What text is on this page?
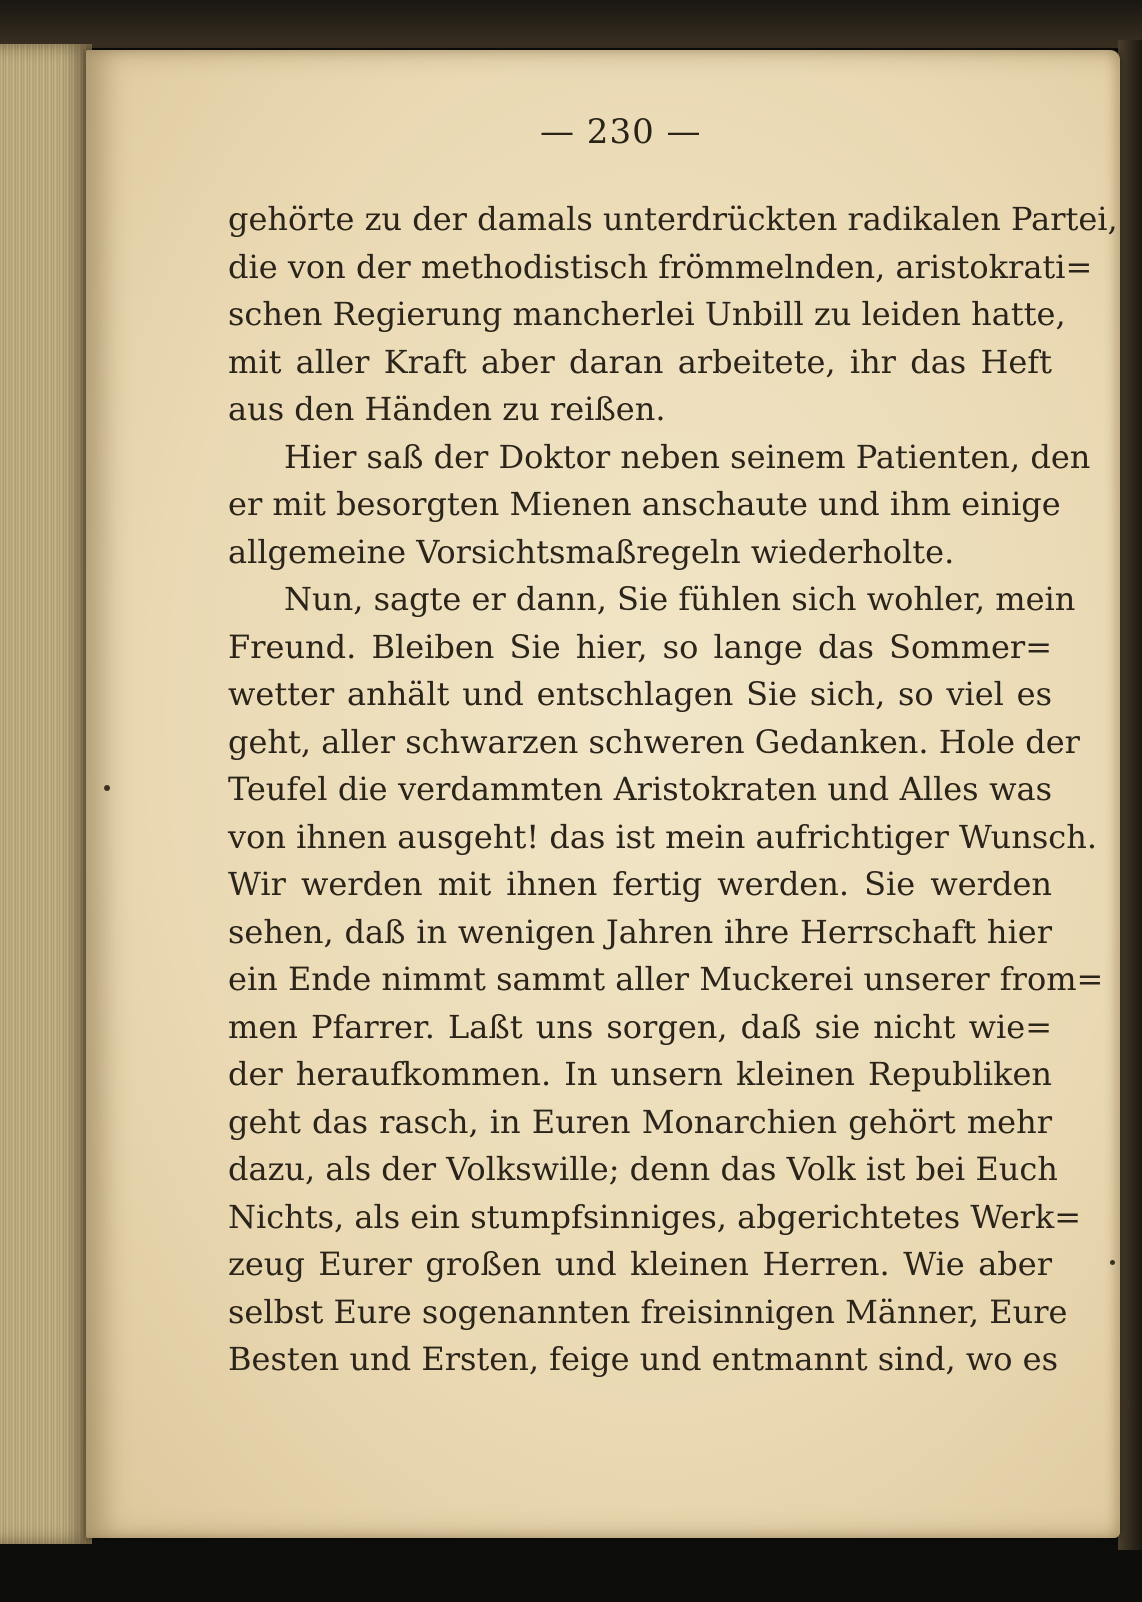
— 230 —
gehörte zu der damals unterdrückten radikalen Partei,
die von der methodistisch frömmelnden, aristokrati=
schen Regierung mancherlei Unbill zu leiden hatte,
mit aller Kraft aber daran arbeitete, ihr das Heft
aus den Händen zu reißen.
Hier saß der Doktor neben seinem Patienten, den
er mit besorgten Mienen anschaute und ihm einige
allgemeine Vorsichtsmaßregeln wiederholte.
Nun, sagte er dann, Sie fühlen sich wohler, mein
Freund. Bleiben Sie hier, so lange das Sommer=
wetter anhält und entschlagen Sie sich, so viel es
geht, aller schwarzen schweren Gedanken. Hole der
Teufel die verdammten Aristokraten und Alles was
von ihnen ausgeht! das ist mein aufrichtiger Wunsch.
Wir werden mit ihnen fertig werden. Sie werden
sehen, daß in wenigen Jahren ihre Herrschaft hier
ein Ende nimmt sammt aller Muckerei unserer from=
men Pfarrer. Laßt uns sorgen, daß sie nicht wie=
der heraufkommen. In unsern kleinen Republiken
geht das rasch, in Euren Monarchien gehört mehr
dazu, als der Volkswille; denn das Volk ist bei Euch
Nichts, als ein stumpfsinniges, abgerichtetes Werk=
zeug Eurer großen und kleinen Herren. Wie aber
selbst Eure sogenannten freisinnigen Männer, Eure
Besten und Ersten, feige und entmannt sind, wo es
